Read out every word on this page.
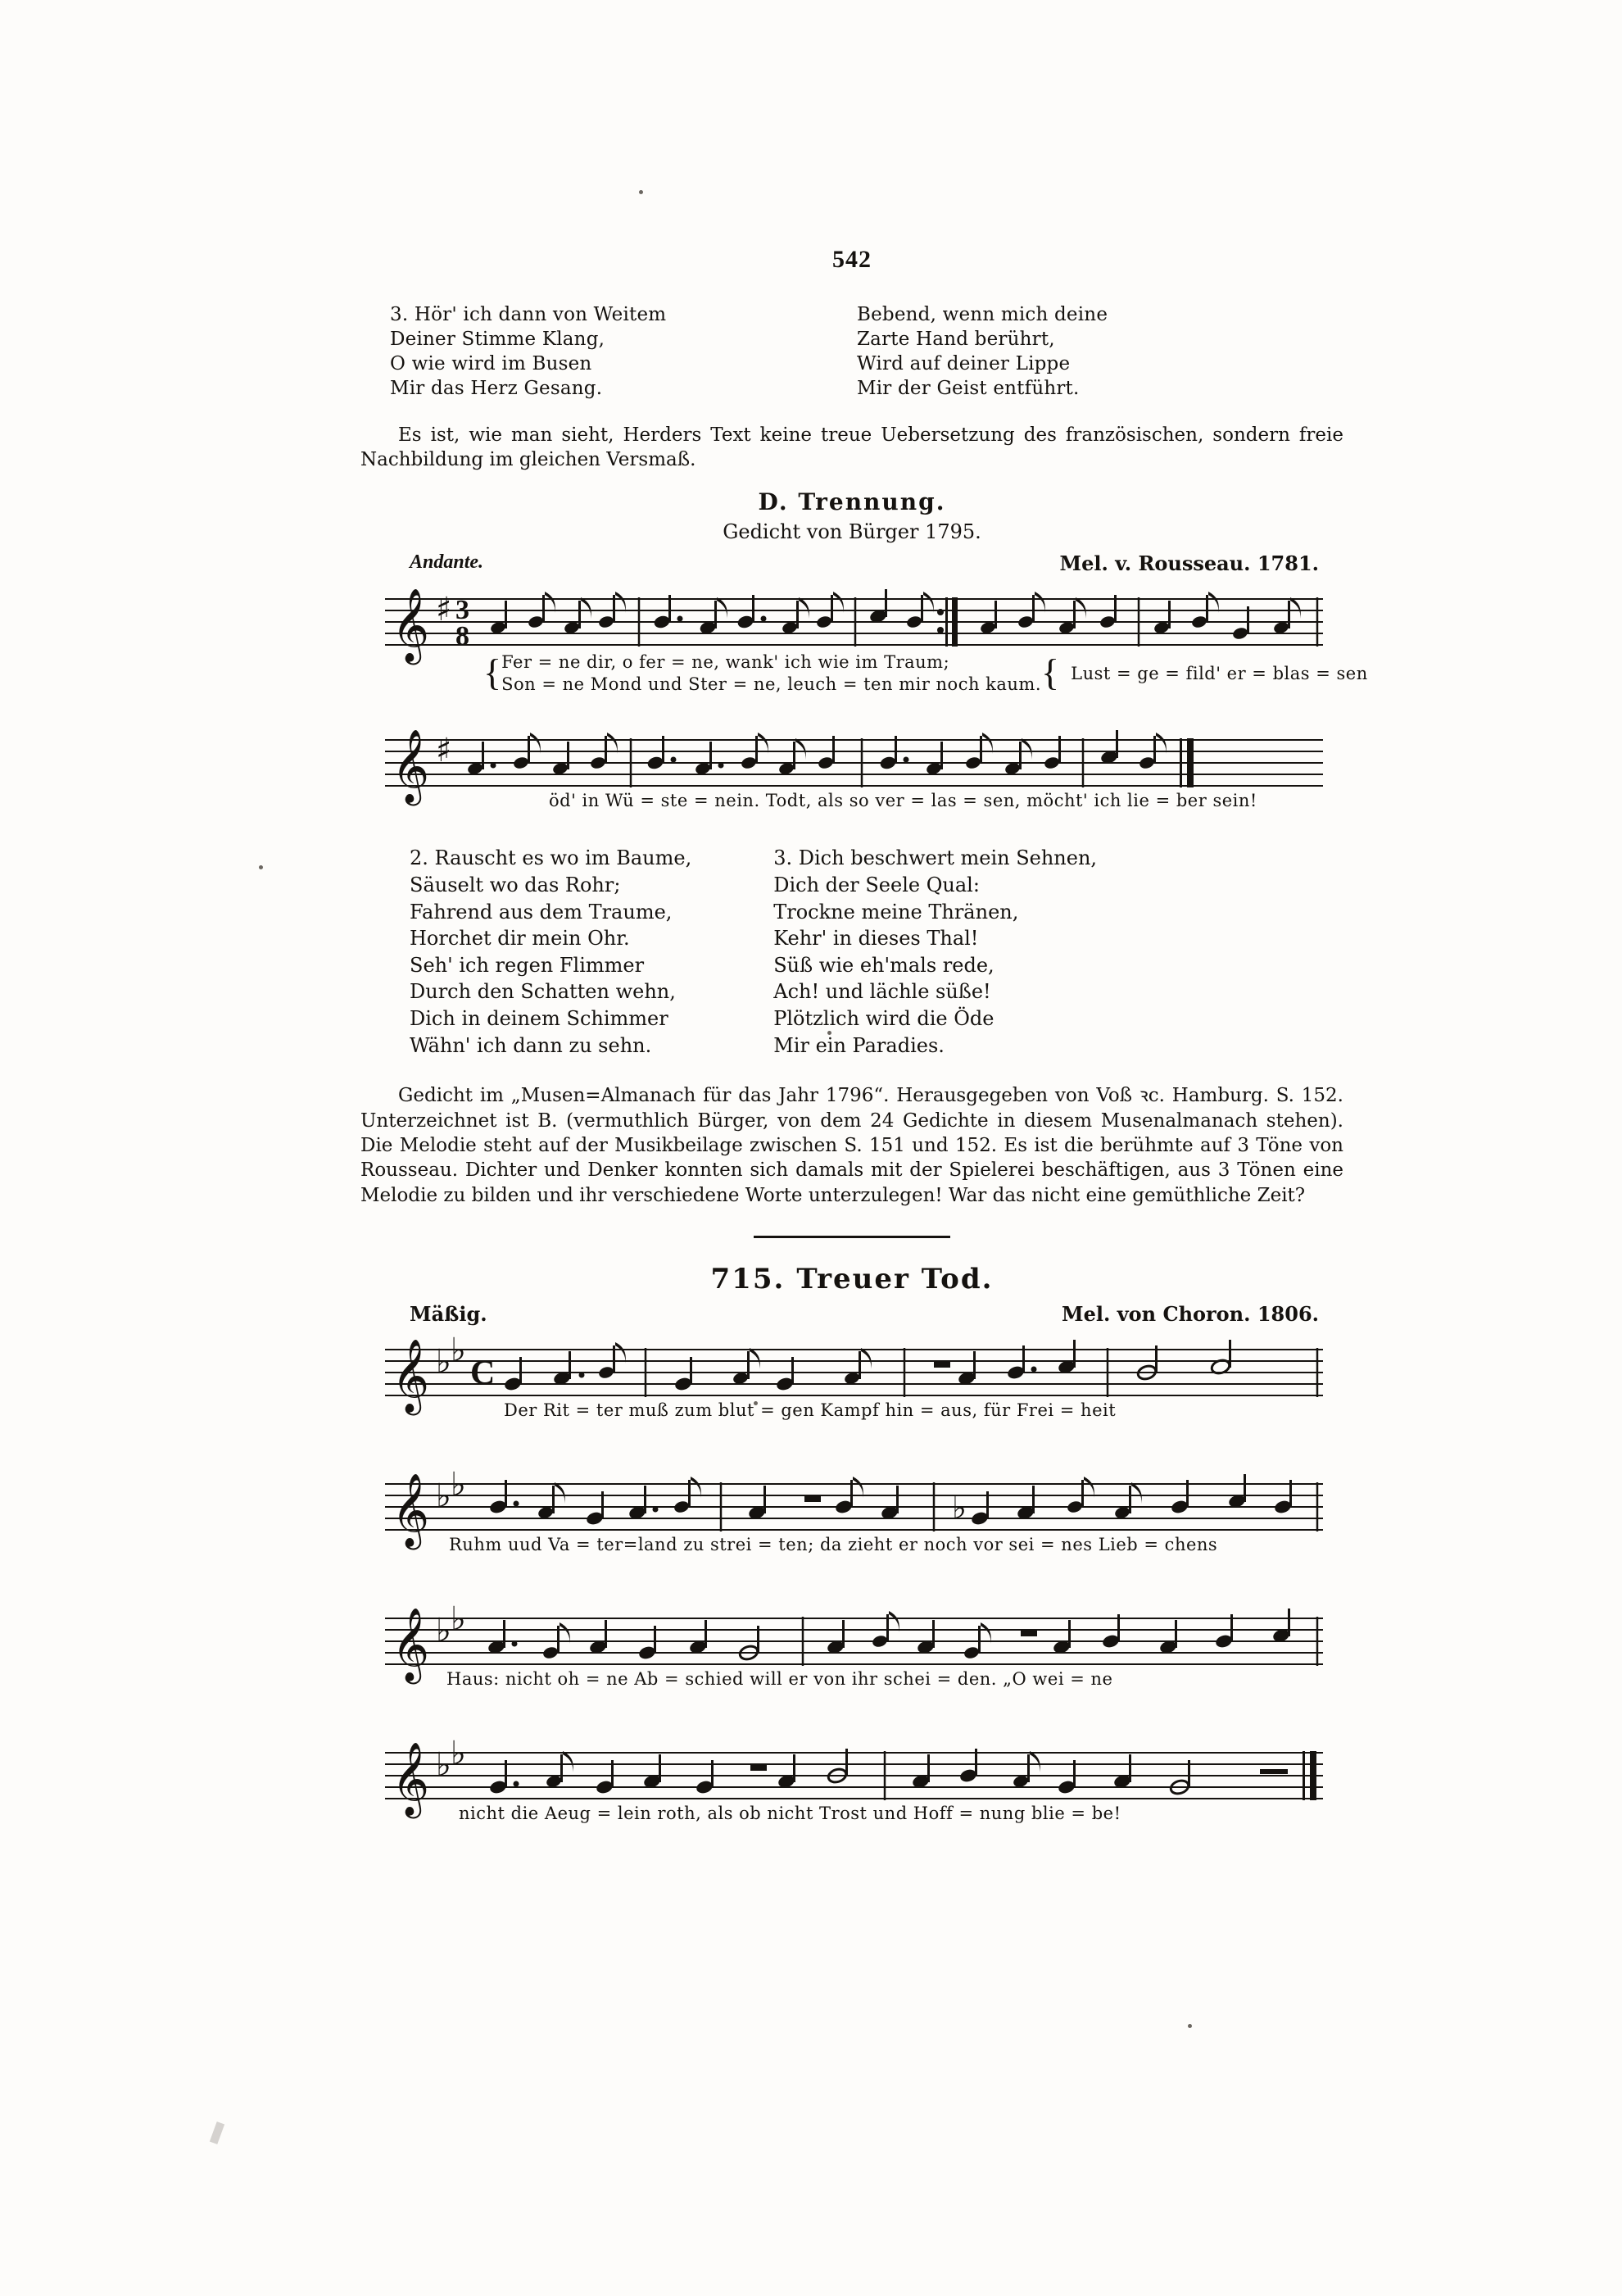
542
3. Hör' ich dann von Weitem
Deiner Stimme Klang,
O wie wird im Busen
Mir das Herz Gesang.
Bebend, wenn mich deine
Zarte Hand berührt,
Wird auf deiner Lippe
Mir der Geist entführt.
Es ist, wie man sieht, Herders Text keine treue Uebersetzung des französischen, sondern freie Nachbildung im gleichen Versmaß.
D. Trennung.
Gedicht von Bürger 1795.
Andante.	Mel. v. Rousseau. 1781.
𝄞 ♯ 3
8
{ Fer = ne dir, o fer = ne, wank' ich wie im Traum;
Son = ne Mond und Ster = ne, leuch = ten mir noch kaum. { Lust = ge = fild' er = blas = sen
𝄞 ♯
öd' in Wü = ste = nein. Todt, als so ver = las = sen, möcht' ich lie = ber sein!
2. Rauscht es wo im Baume,
Säuselt wo das Rohr;
Fahrend aus dem Traume,
Horchet dir mein Ohr.
Seh' ich regen Flimmer
Durch den Schatten wehn,
Dich in deinem Schimmer
Wähn' ich dann zu sehn.
3. Dich beschwert mein Sehnen,
Dich der Seele Qual:
Trockne meine Thränen,
Kehr' in dieses Thal!
Süß wie eh'mals rede,
Ach! und lächle süße!
Plötzlich wird die Öde
Mir ein Paradies.
Gedicht im „Musen=Almanach für das Jahr 1796“. Herausgegeben von Voß ꝛc. Hamburg. S. 152. Unterzeichnet ist B. (vermuthlich Bürger, von dem 24 Gedichte in diesem Musenalmanach stehen). Die Melodie steht auf der Musikbeilage zwischen S. 151 und 152. Es ist die berühmte auf 3 Töne von Rousseau. Dichter und Denker konnten sich damals mit der Spielerei beschäftigen, aus 3 Tönen eine Melodie zu bilden und ihr verschiedene Worte unterzulegen! War das nicht eine gemüthliche Zeit?
715. Treuer Tod.
Mäßig.	Mel. von Choron. 1806.
𝄞 ♭ ♭
C
Der Rit = ter muß zum blut = gen Kampf hin = aus, für Frei = heit
𝄞 ♭ ♭
♭
Ruhm uud Va = ter=land zu strei = ten; da zieht er noch vor sei = nes Lieb = chens
𝄞 ♭ ♭
Haus: nicht oh = ne Ab = schied will er von ihr schei = den. „O wei = ne
𝄞 ♭ ♭
nicht die Aeug = lein roth, als ob nicht Trost und Hoff = nung blie = be!
